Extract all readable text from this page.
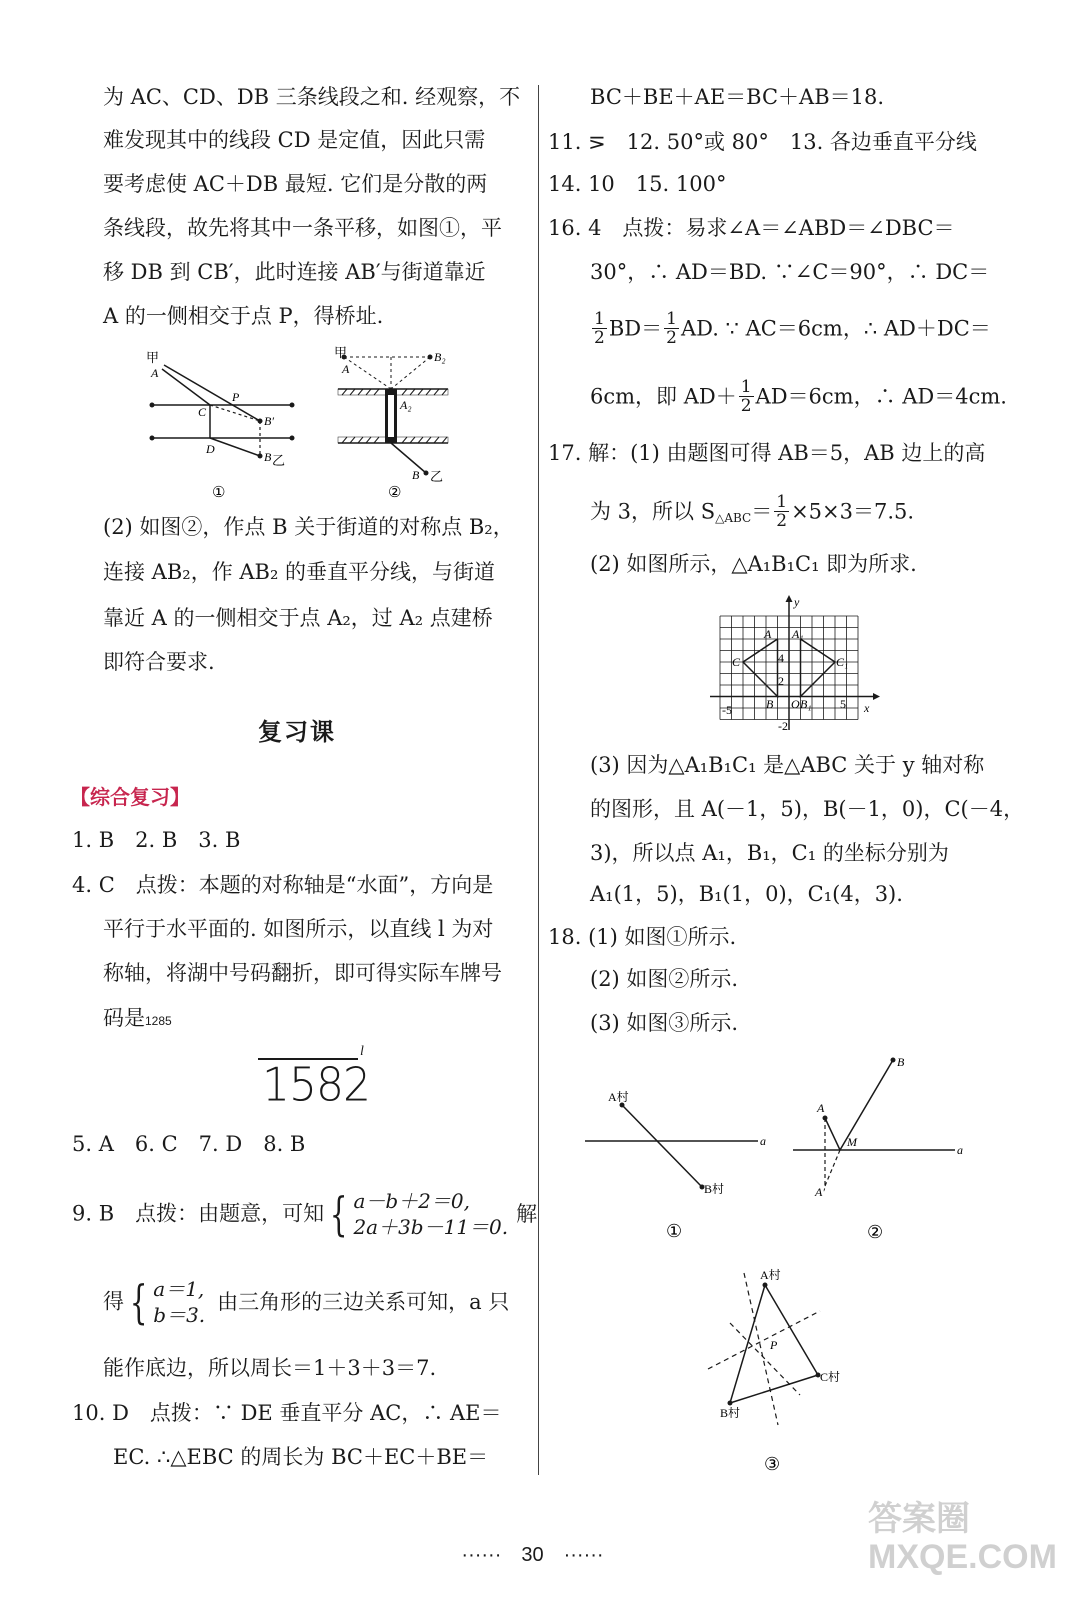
为 AC、CD、DB 三条线段之和. 经观察，不
难发现其中的线段 CD 是定值，因此只需
要考虑使 AC＋DB 最短. 它们是分散的两
条线段，故先将其中一条平移，如图①，平
移 DB 到 CB′，此时连接 AB′与街道靠近
A 的一侧相交于点 P，得桥址.
甲
A
P
C
B′
D
B 乙
①
甲
A
B₂
A₂
B 乙
②
(2) 如图②，作点 B 关于街道的对称点 B₂，
连接 AB₂，作 AB₂ 的垂直平分线，与街道
靠近 A 的一侧相交于点 A₂，过 A₂ 点建桥
即符合要求.
复习课
【综合复习】
1. B　2. B　3. B
4. C　点拨：本题的对称轴是“水面”，方向是
平行于水平面的. 如图所示，以直线 l 为对
称轴，将湖中号码翻折，即可得实际车牌号
码是1285
l
1582
5. A　6. C　7. D　8. B
9. B　点拨：由题意，可知 { a－b＋2＝0,
2a＋3b－11＝0.
解
得 { a＝1,
b＝3.
由三角形的三边关系可知，a 只
能作底边，所以周长＝1＋3＋3＝7.
10. D　点拨：∵ DE 垂直平分 AC，∴ AE＝
EC. ∴△EBC 的周长为 BC＋EC＋BE＝
BC＋BE＋AE＝BC＋AB＝18.
11. ⋝　12. 50°或 80°　13. 各边垂直平分线
14. 10　15. 100°
16. 4　点拨：易求∠A＝∠ABD＝∠DBC＝
30°，∴ AD＝BD. ∵∠C＝90°，∴ DC＝
$\frac{1}{2} BD= \frac{1}{2}$ AD. ∵ AC＝6cm，∴ AD＋DC＝
6cm，即 $AD+ \frac{1}{2} AD=6cm$，∴ AD＝4cm.
17. 解：(1) 由题图可得 AB＝5，AB 边上的高
为 3，所以 $S_{\triangle ABC}= \frac{1}{2} \times 5\times 3=7.5$.
(2) 如图所示，△A₁B₁C₁ 即为所求.
y
x
4
2
5
-5
-2
O
A A₁
B B₁
C	C₁
(3) 因为△A₁B₁C₁ 是△ABC 关于 y 轴对称
的图形，且 A(－1，5)，B(－1，0)，C(－4，
3)，所以点 A₁，B₁，C₁ 的坐标分别为
A₁(1，5)，B₁(1，0)，C₁(4，3).
18. (1) 如图①所示.
(2) 如图②所示.
(3) 如图③所示.
A村
B村
a
①
B
A
M
A′
a
②
A村
B村
C村
P
③
······　30　······
答案圈
MXQE.COM
